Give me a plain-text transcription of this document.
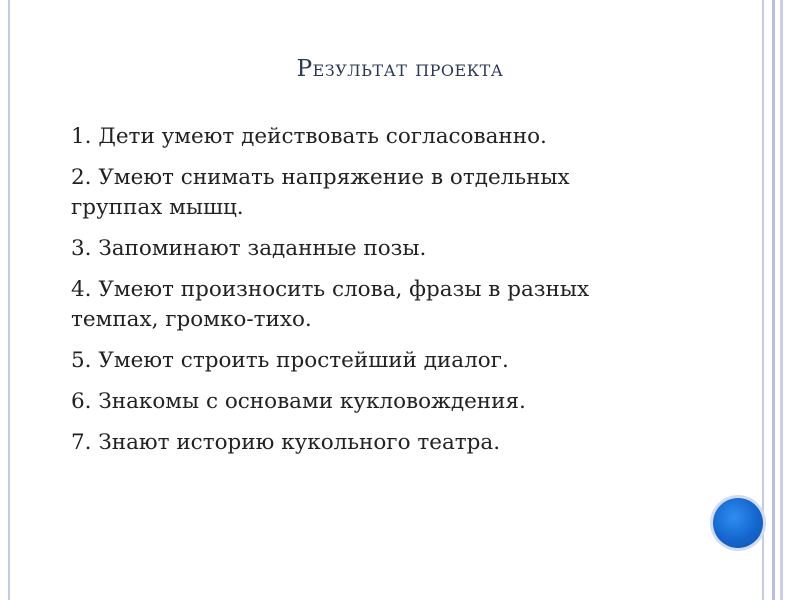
Результат проекта
1. Дети умеют действовать согласованно.
2. Умеют снимать напряжение в отдельных группах мышц.
3. Запоминают заданные позы.
4. Умеют произносить слова, фразы в разных темпах, громко-тихо.
5. Умеют строить простейший диалог.
6. Знакомы с основами кукловождения.
7. Знают историю кукольного театра.
